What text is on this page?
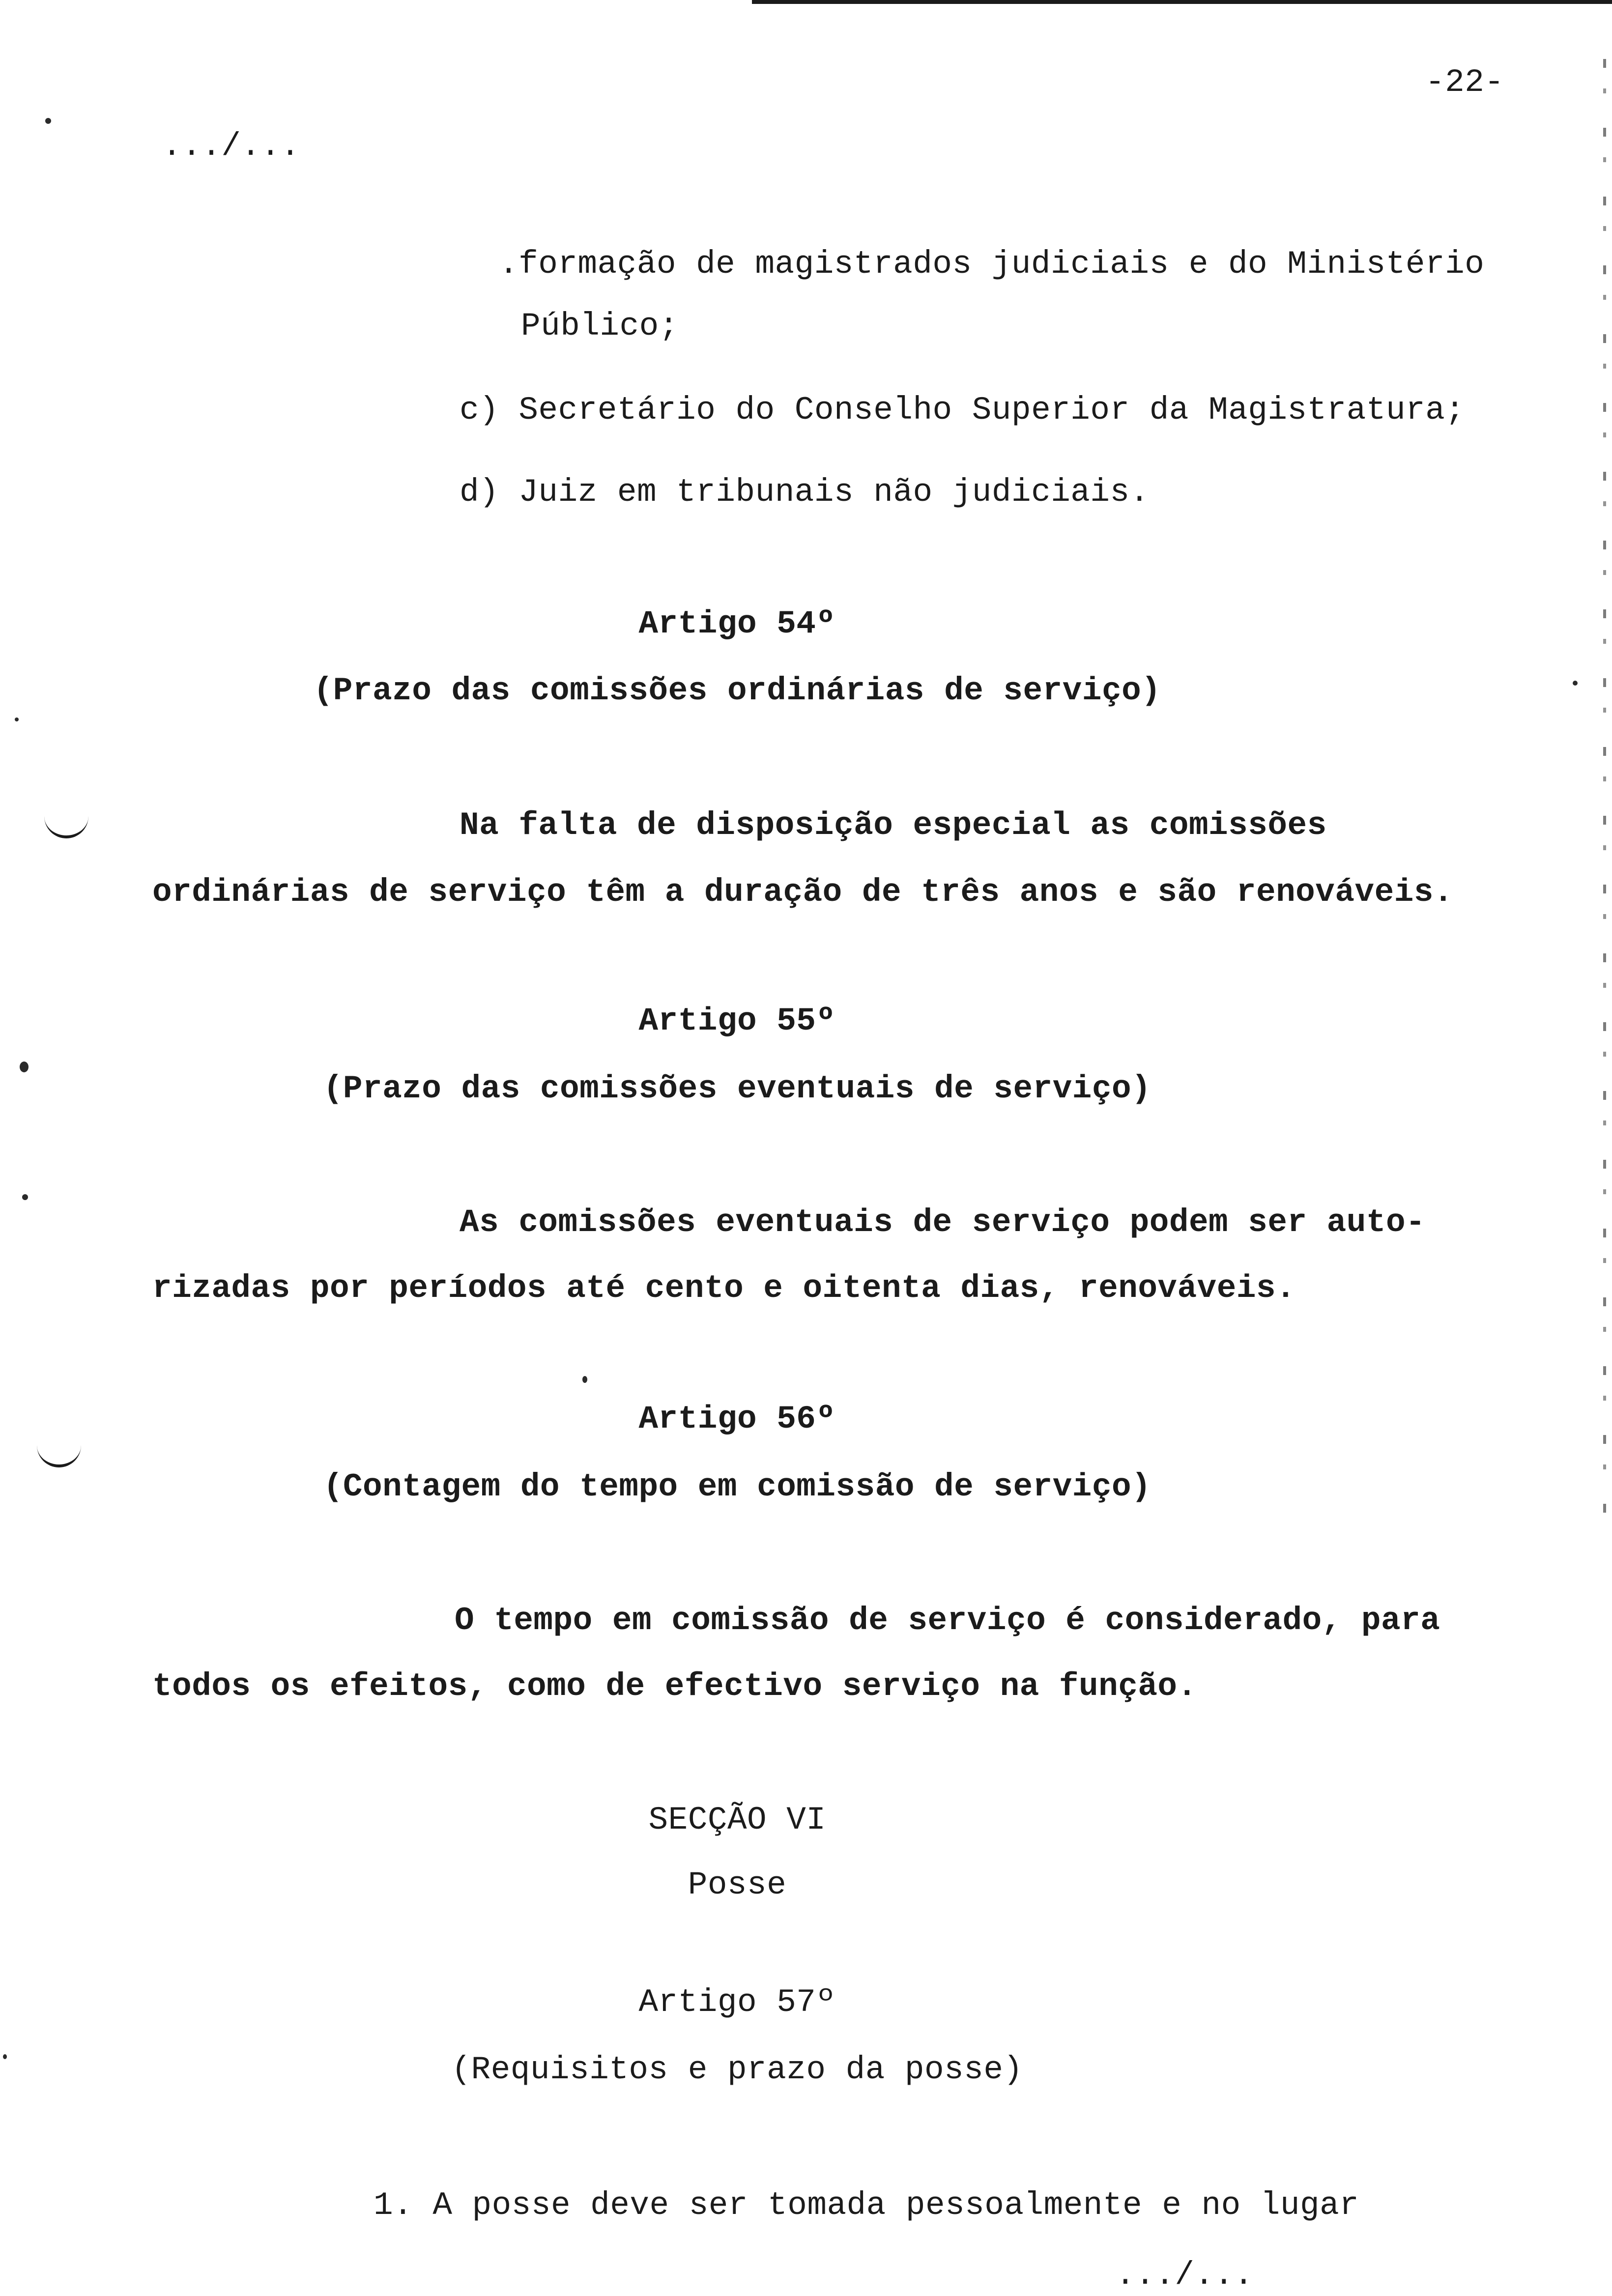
-22-
.../...
.formação de magistrados judiciais e do Ministério
Público;
c) Secretário do Conselho Superior da Magistratura;
d) Juiz em tribunais não judiciais.
Artigo 54º
(Prazo das comissões ordinárias de serviço)
Na falta de disposição especial as comissões
ordinárias de serviço têm a duração de três anos e são renováveis.
Artigo 55º
(Prazo das comissões eventuais de serviço)
As comissões eventuais de serviço podem ser auto-
rizadas por períodos até cento e oitenta dias, renováveis.
Artigo 56º
(Contagem do tempo em comissão de serviço)
O tempo em comissão de serviço é considerado, para
todos os efeitos, como de efectivo serviço na função.
SECÇÃO VI
Posse
Artigo 57º
(Requisitos e prazo da posse)
1. A posse deve ser tomada pessoalmente e no lugar
.../...
